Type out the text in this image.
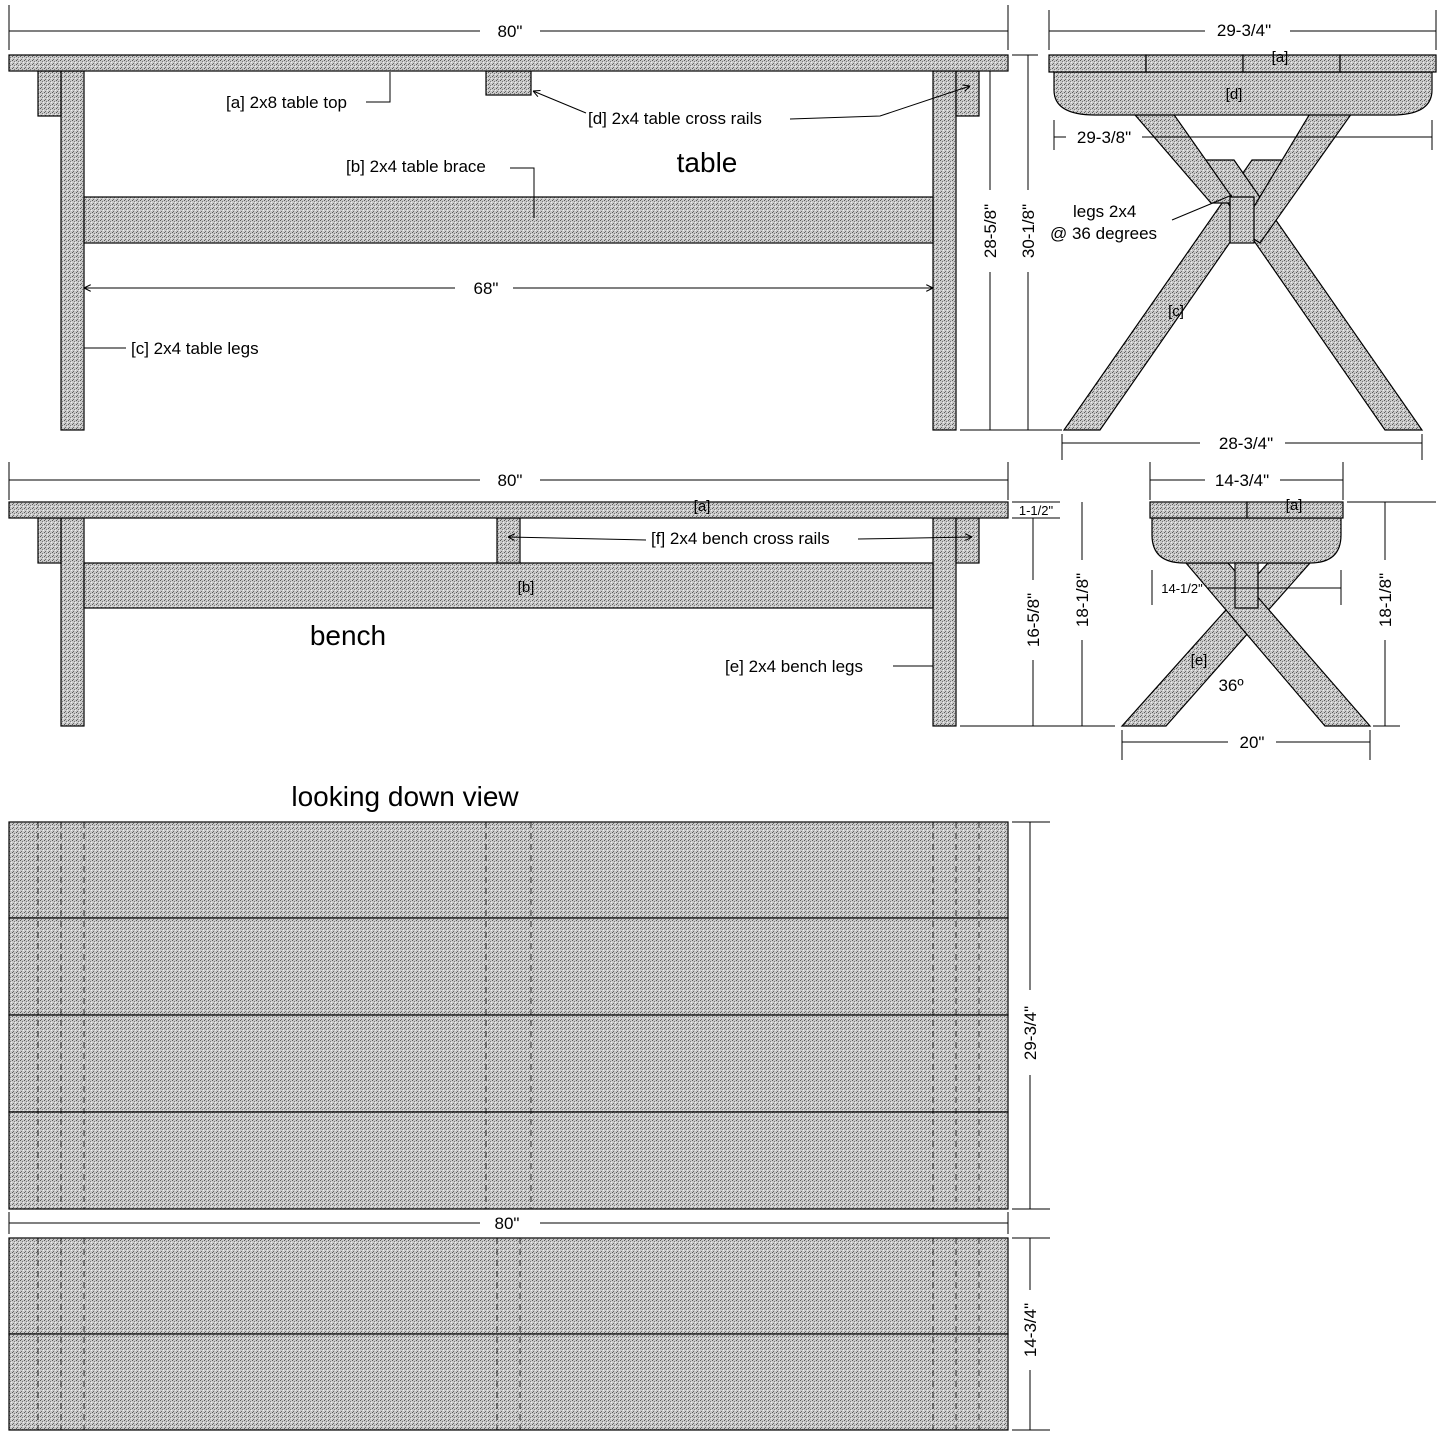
80"
[a] 2x8 table top
[d] 2x4 table cross rails
table
[b] 2x4 table brace
68"
[c] 2x4 table legs
28-5/8" 30-1/8"
29-3/4"
[a]
[d]
29-3/8"
legs 2x4
@ 36 degrees
[c]
28-3/4"
80"
[a]
[b]
[f] 2x4 bench cross rails
bench
[e] 2x4 bench legs
1-1/2"
16-5/8" 18-1/8"
14-3/4"
[a]
14-1/2"
[e]
36º
18-1/8"
20"
looking down view
29-3/4"
80"
14-3/4"
